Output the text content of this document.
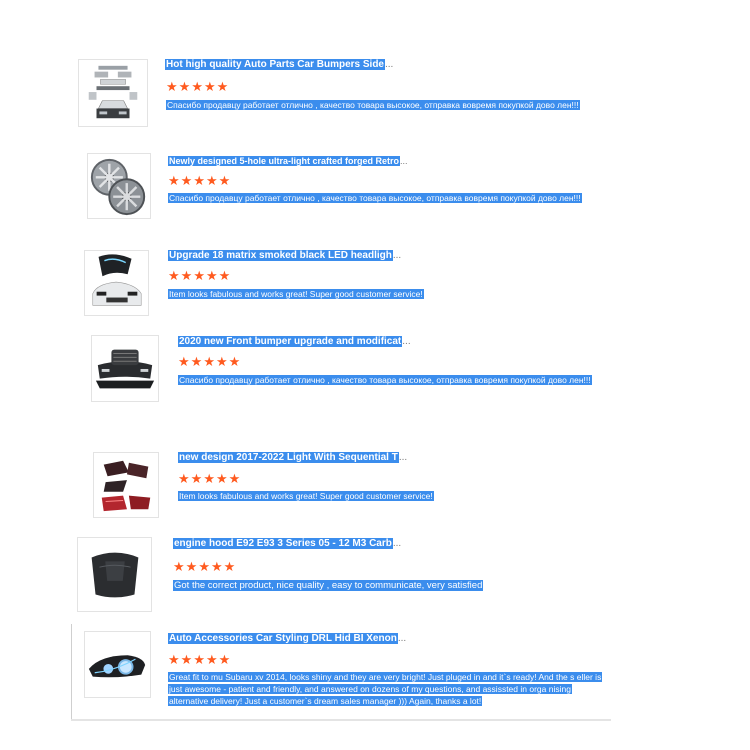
Hot high quality Auto Parts Car Bumpers Side...
★ ★ ★ ★ ★
Спасибо продавцу работает отлично , качество товара высокое, отправка вовремя покупкой дово лен!!!
Newly designed 5-hole ultra-light crafted forged Retro...
★ ★ ★ ★ ★
Спасибо продавцу работает отлично , качество товара высокое, отправка вовремя покупкой дово лен!!!
Upgrade 18 matrix smoked black LED headligh...
★ ★ ★ ★ ★
Item looks fabulous and works great! Super good customer service!
2020 new Front bumper upgrade and modificat...
★ ★ ★ ★ ★
Спасибо продавцу работает отлично , качество товара высокое, отправка вовремя покупкой дово лен!!!
new design 2017-2022 Light With Sequential T...
★ ★ ★ ★ ★
Item looks fabulous and works great! Super good customer service!
engine hood E92 E93 3 Series 05 - 12 M3 Carb...
★ ★ ★ ★ ★
Got the correct product, nice quality , easy to communicate, very satisfied
Auto Accessories Car Styling DRL Hid BI Xenon...
★ ★ ★ ★ ★
Great fit to mu Subaru xv 2014, looks shiny and they are very bright! Just pluged in and it`s ready! And the s eller is just awesome - patient and friendly, and answered on dozens of my questions, and assissted in orga nising alternative delivery! Just a customer`s dream sales manager ))) Again, thanks a lot!
